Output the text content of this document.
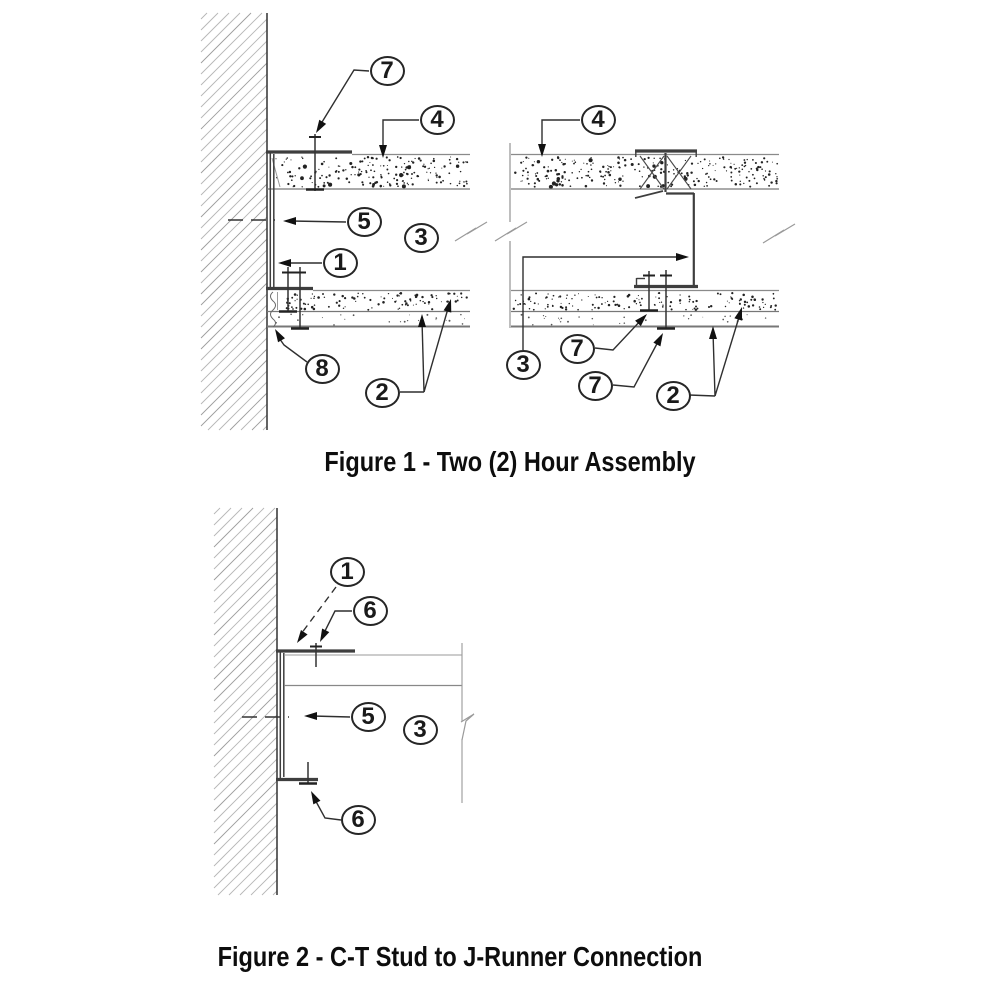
7
4	4
5
3
1
8
2
3
7
7	2
1
6
5	3
6
Figure 1 - Two (2) Hour Assembly
Figure 2 - C-T Stud to J-Runner Connection
